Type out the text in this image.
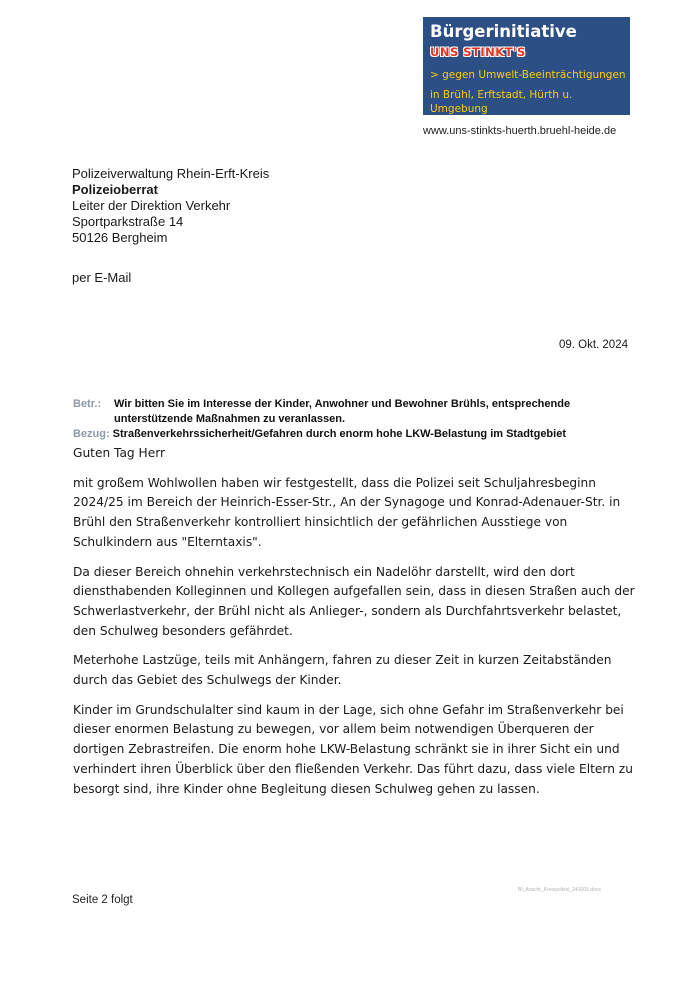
Bürgerinitiative
UNS STINKT'S
> gegen Umwelt-Beeinträchtigungen
in Brühl, Erftstadt, Hürth u. Umgebung
www.uns-stinkts-huerth.bruehl-heide.de
Polizeiverwaltung Rhein-Erft-Kreis
Polizeioberrat
Leiter der Direktion Verkehr
Sportparkstraße 14
50126 Bergheim
per E-Mail
09. Okt. 2024
Betr.:	Wir bitten Sie im Interesse der Kinder, Anwohner und Bewohner Brühls, entsprechende unterstützende Maßnahmen zu veranlassen.
Bezug: Straßenverkehrssicherheit/Gefahren durch enorm hohe LKW-Belastung im Stadtgebiet

Guten Tag Herr

mit großem Wohlwollen haben wir festgestellt, dass die Polizei seit Schuljahresbeginn 2024/25 im Bereich der Heinrich-Esser-Str., An der Synagoge und Konrad-Adenauer-Str. in Brühl den Straßenverkehr kontrolliert hinsichtlich der gefährlichen Ausstiege von Schulkindern aus "Elterntaxis".

Da dieser Bereich ohnehin verkehrstechnisch ein Nadelöhr darstellt, wird den dort diensthabenden Kolleginnen und Kollegen aufgefallen sein, dass in diesen Straßen auch der Schwerlastverkehr, der Brühl nicht als Anlieger-, sondern als Durchfahrtsverkehr belastet, den Schulweg besonders gefährdet.

Meterhohe Lastzüge, teils mit Anhängern, fahren zu dieser Zeit in kurzen Zeitabständen durch das Gebiet des Schulwegs der Kinder.

Kinder im Grundschulalter sind kaum in der Lage, sich ohne Gefahr im Straßenverkehr bei dieser enormen Belastung zu bewegen, vor allem beim notwendigen Überqueren der dortigen Zebrastreifen. Die enorm hohe LKW-Belastung schränkt sie in ihrer Sicht ein und verhindert ihren Überblick über den fließenden Verkehr. Das führt dazu, dass viele Eltern zu besorgt sind, ihre Kinder ohne Begleitung diesen Schulweg gehen zu lassen.

BI_Anschr_Kreispolizei_241009.docx
Seite 2 folgt
